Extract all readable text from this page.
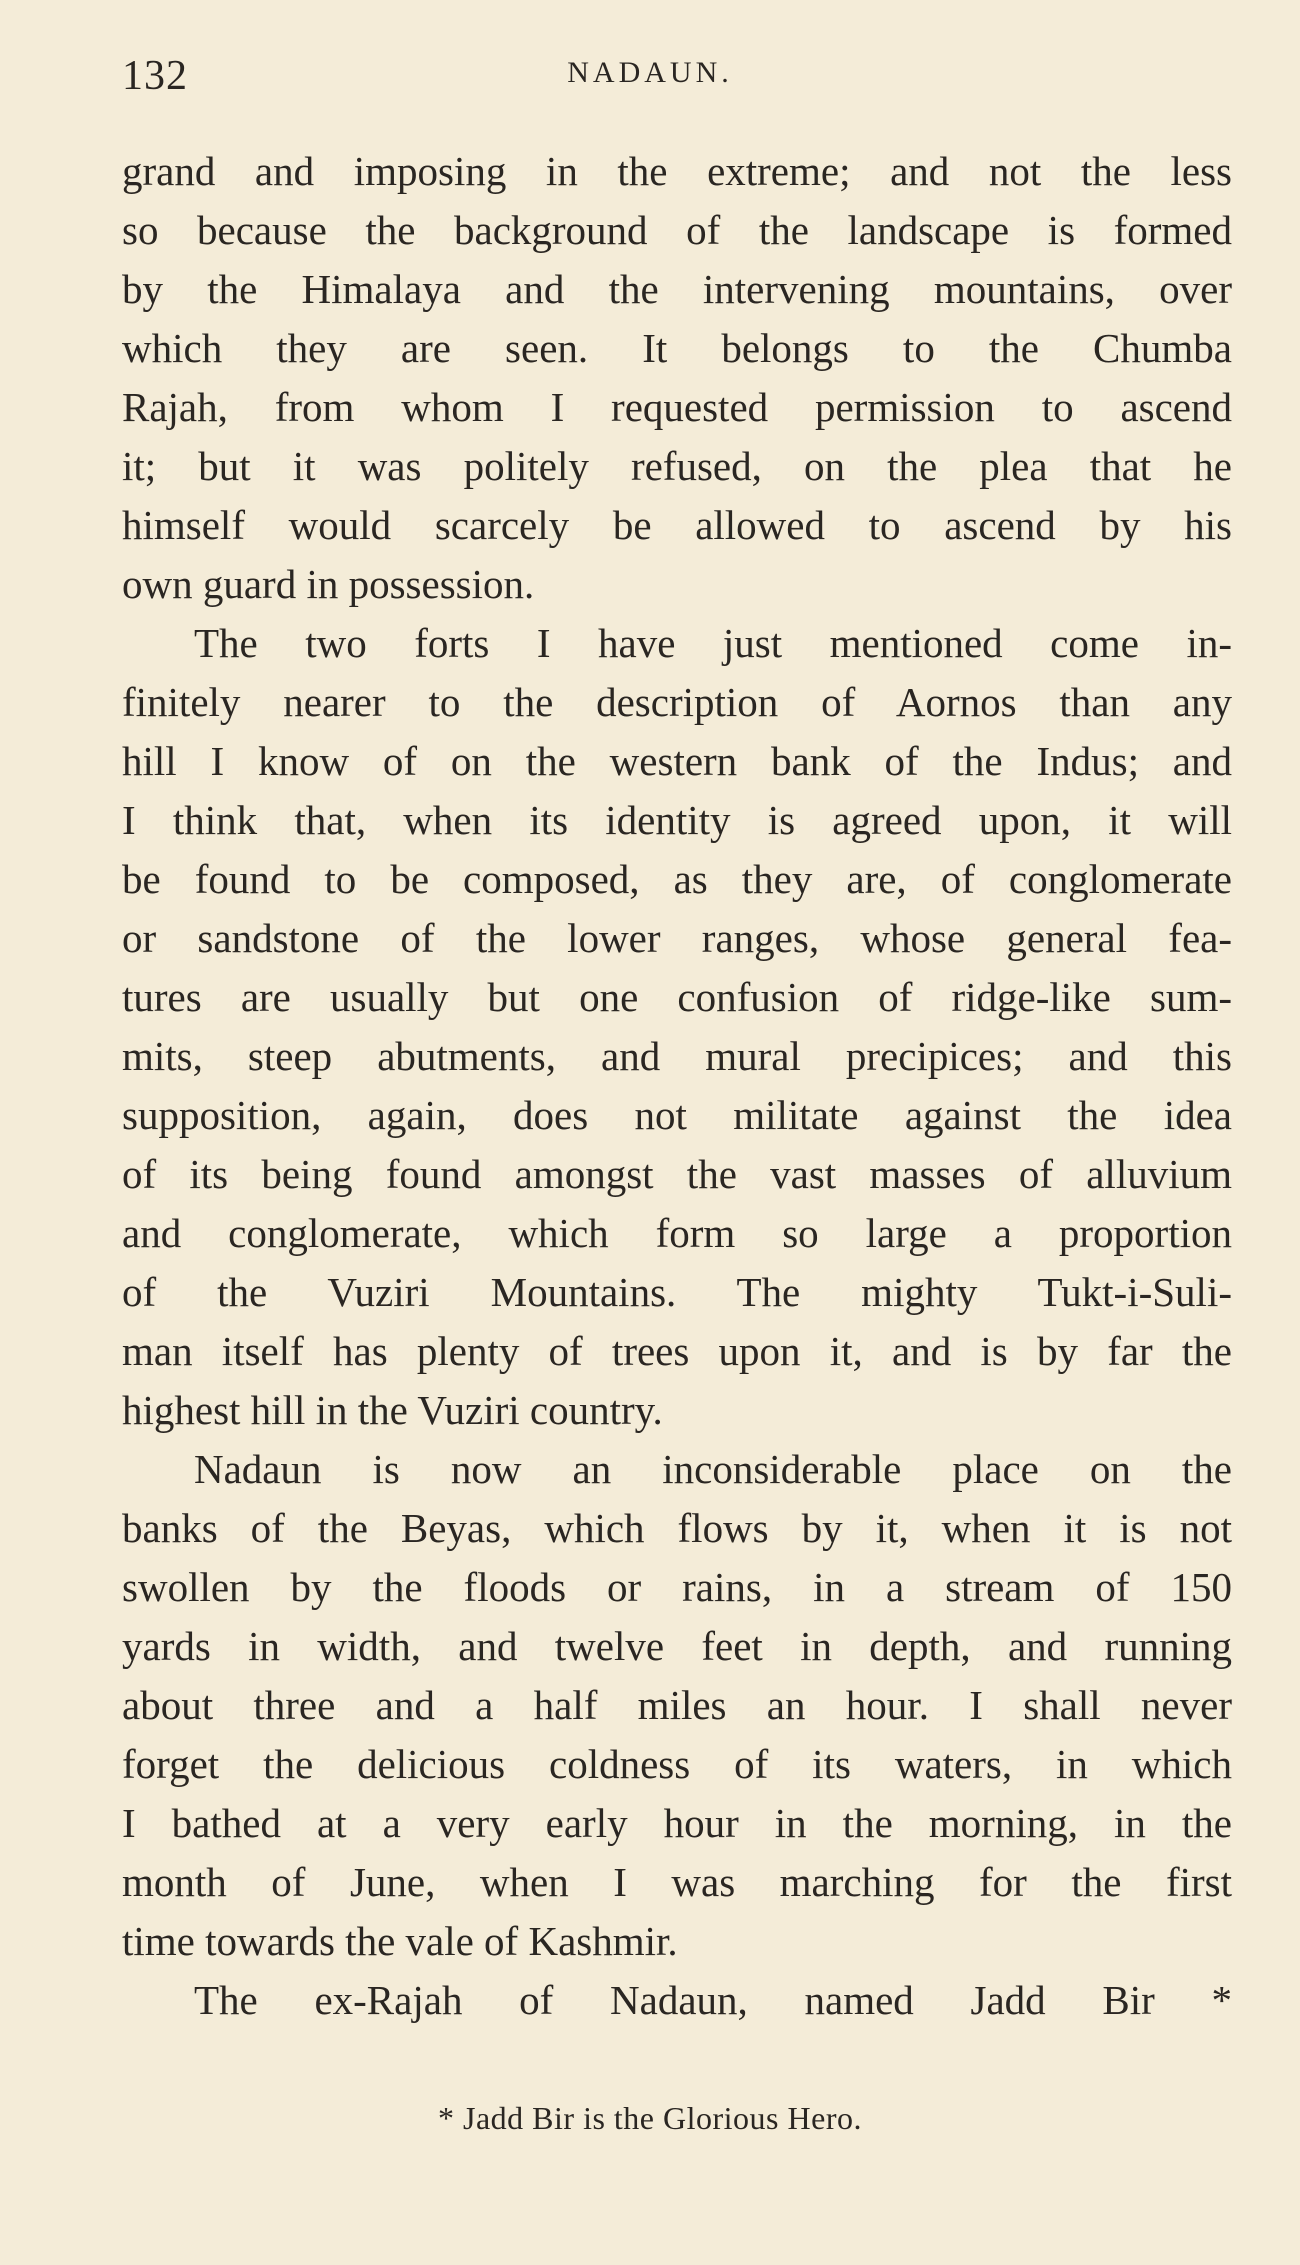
132	NADAUN.
grand and imposing in the extreme; and not the less
so because the background of the landscape is formed
by the Himalaya and the intervening mountains, over
which they are seen. It belongs to the Chumba
Rajah, from whom I requested permission to ascend
it; but it was politely refused, on the plea that he
himself would scarcely be allowed to ascend by his
own guard in possession.
The two forts I have just mentioned come in-
finitely nearer to the description of Aornos than any
hill I know of on the western bank of the Indus; and
I think that, when its identity is agreed upon, it will
be found to be composed, as they are, of conglomerate
or sandstone of the lower ranges, whose general fea-
tures are usually but one confusion of ridge-like sum-
mits, steep abutments, and mural precipices; and this
supposition, again, does not militate against the idea
of its being found amongst the vast masses of alluvium
and conglomerate, which form so large a proportion
of the Vuziri Mountains. The mighty Tukt-i-Suli-
man itself has plenty of trees upon it, and is by far the
highest hill in the Vuziri country.
Nadaun is now an inconsiderable place on the
banks of the Beyas, which flows by it, when it is not
swollen by the floods or rains, in a stream of 150
yards in width, and twelve feet in depth, and running
about three and a half miles an hour. I shall never
forget the delicious coldness of its waters, in which
I bathed at a very early hour in the morning, in the
month of June, when I was marching for the first
time towards the vale of Kashmir.
The ex-Rajah of Nadaun, named Jadd Bir *
* Jadd Bir is the Glorious Hero.
